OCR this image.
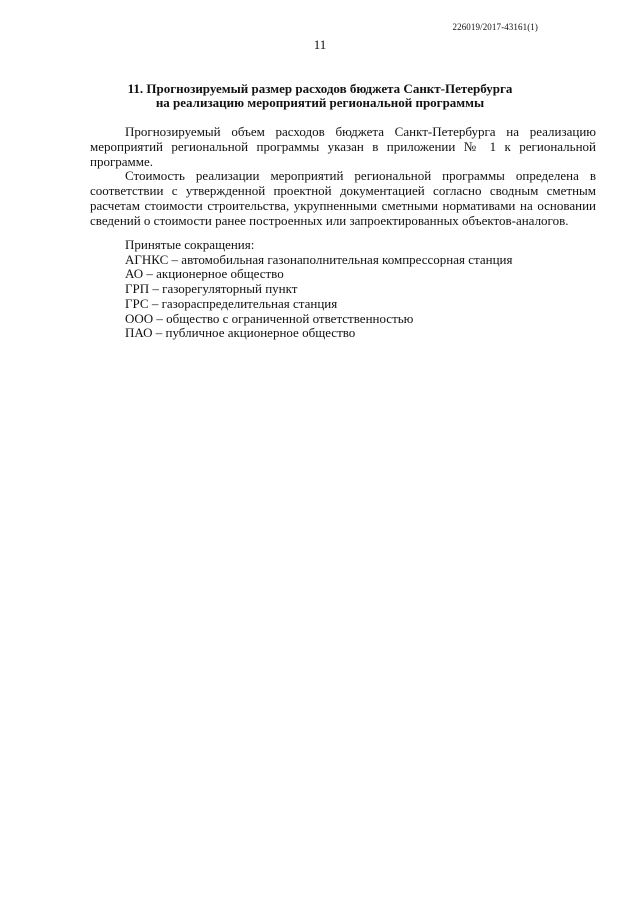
226019/2017-43161(1)
11
11. Прогнозируемый размер расходов бюджета Санкт-Петербурга
на реализацию мероприятий региональной программы

Прогнозируемый объем расходов бюджета Санкт-Петербурга на реализацию мероприятий региональной программы указан в приложении № 1 к региональной программе.

Стоимость реализации мероприятий региональной программы определена в соответствии с утвержденной проектной документацией согласно сводным сметным расчетам стоимости строительства, укрупненными сметными нормативами на основании сведений о стоимости ранее построенных или запроектированных объектов-аналогов.

Принятые сокращения:
АГНКС – автомобильная газонаполнительная компрессорная станция
АО – акционерное общество
ГРП – газорегуляторный пункт
ГРС – газораспределительная станция
ООО – общество с ограниченной ответственностью
ПАО – публичное акционерное общество
